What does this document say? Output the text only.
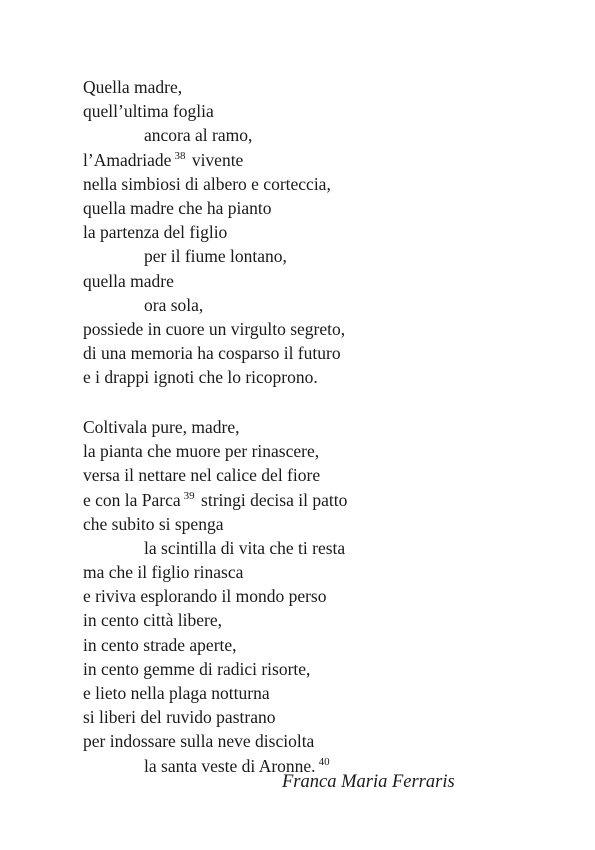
Quella madre,
quell’ultima foglia
ancora al ramo,
l’Amadriade $^{38}$ vivente
nella simbiosi di albero e corteccia,
quella madre che ha pianto
la partenza del figlio
per il fiume lontano,
quella madre
ora sola,
possiede in cuore un virgulto segreto,
di una memoria ha cosparso il futuro
e i drappi ignoti che lo ricoprono.
Coltivala pure, madre,
la pianta che muore per rinascere,
versa il nettare nel calice del fiore
e con la Parca $^{39}$ stringi decisa il patto
che subito si spenga
la scintilla di vita che ti resta
ma che il figlio rinasca
e riviva esplorando il mondo perso
in cento città libere,
in cento strade aperte,
in cento gemme di radici risorte,
e lieto nella plaga notturna
si liberi del ruvido pastrano
per indossare sulla neve disciolta
la santa veste di Aronne. $^{40}$
Franca Maria Ferraris
